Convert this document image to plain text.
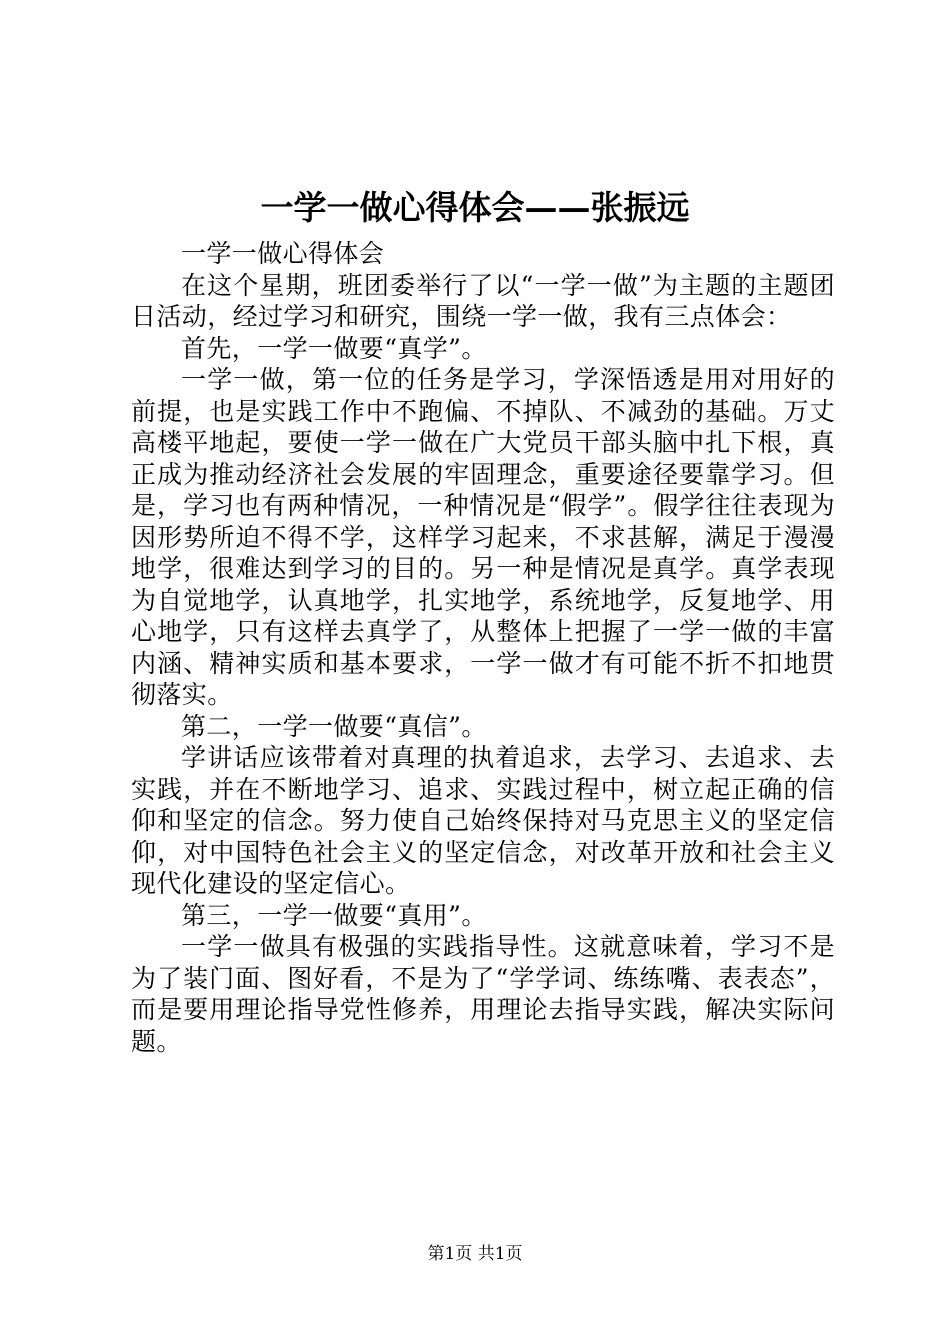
一学一做心得体会——张振远

一学一做心得体会

在这个星期，班团委举行了以“一学一做”为主题的主题团日活动，经过学习和研究，围绕一学一做，我有三点体会：

首先，一学一做要“真学”。

一学一做，第一位的任务是学习，学深悟透是用对用好的前提，也是实践工作中不跑偏、不掉队、不减劲的基础。万丈高楼平地起，要使一学一做在广大党员干部头脑中扎下根，真正成为推动经济社会发展的牢固理念，重要途径要靠学习。但是，学习也有两种情况，一种情况是“假学”。假学往往表现为因形势所迫不得不学，这样学习起来，不求甚解，满足于漫漫地学，很难达到学习的目的。另一种是情况是真学。真学表现为自觉地学，认真地学，扎实地学，系统地学，反复地学、用心地学，只有这样去真学了，从整体上把握了一学一做的丰富内涵、精神实质和基本要求，一学一做才有可能不折不扣地贯彻落实。

第二，一学一做要“真信”。

学讲话应该带着对真理的执着追求，去学习、去追求、去实践，并在不断地学习、追求、实践过程中，树立起正确的信仰和坚定的信念。努力使自己始终保持对马克思主义的坚定信仰，对中国特色社会主义的坚定信念，对改革开放和社会主义现代化建设的坚定信心。

第三，一学一做要“真用”。

一学一做具有极强的实践指导性。这就意味着，学习不是为了装门面、图好看，不是为了“学学词、练练嘴、表表态”，而是要用理论指导党性修养，用理论去指导实践，解决实际问题。

第1页 共1页
